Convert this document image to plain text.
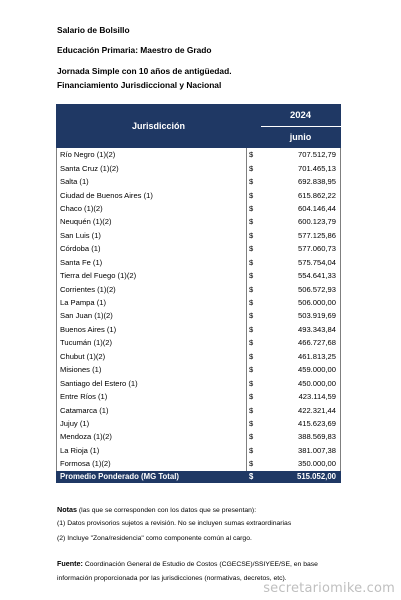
Salario de Bolsillo
Educación Primaria: Maestro de Grado
Jornada Simple con 10 años de antigüedad.
Financiamiento Jurisdiccional y Nacional
Jurisdicción		2024
		junio
Río Negro (1)(2)	$	707.512,79
Santa Cruz (1)(2)	$	701.465,13
Salta (1)	$	692.838,95
Ciudad de Buenos Aires (1)	$	615.862,22
Chaco (1)(2)	$	604.146,44
Neuquén (1)(2)	$	600.123,79
San Luis (1)	$	577.125,86
Córdoba (1)	$	577.060,73
Santa Fe (1)	$	575.754,04
Tierra del Fuego (1)(2)	$	554.641,33
Corrientes (1)(2)	$	506.572,93
La Pampa (1)	$	506.000,00
San Juan (1)(2)	$	503.919,69
Buenos Aires (1)	$	493.343,84
Tucumán (1)(2)	$	466.727,68
Chubut (1)(2)	$	461.813,25
Misiones (1)	$	459.000,00
Santiago del Estero (1)	$	450.000,00
Entre Ríos (1)	$	423.114,59
Catamarca (1)	$	422.321,44
Jujuy (1)	$	415.623,69
Mendoza (1)(2)	$	388.569,83
La Rioja (1)	$	381.007,38
Formosa (1)(2)	$	350.000,00
Promedio Ponderado (MG Total)	$	515.052,00
Notas (las que se corresponden con los datos que se presentan):
(1) Datos provisorios sujetos a revisión. No se incluyen sumas extraordinarias
(2) Incluye "Zona/residencia" como componente común al cargo.
Fuente: Coordinación General de Estudio de Costos (CGECSE)/SSIYEE/SE, en base
información proporcionada por las jurisdicciones (normativas, decretos, etc).
secretariomike.com
